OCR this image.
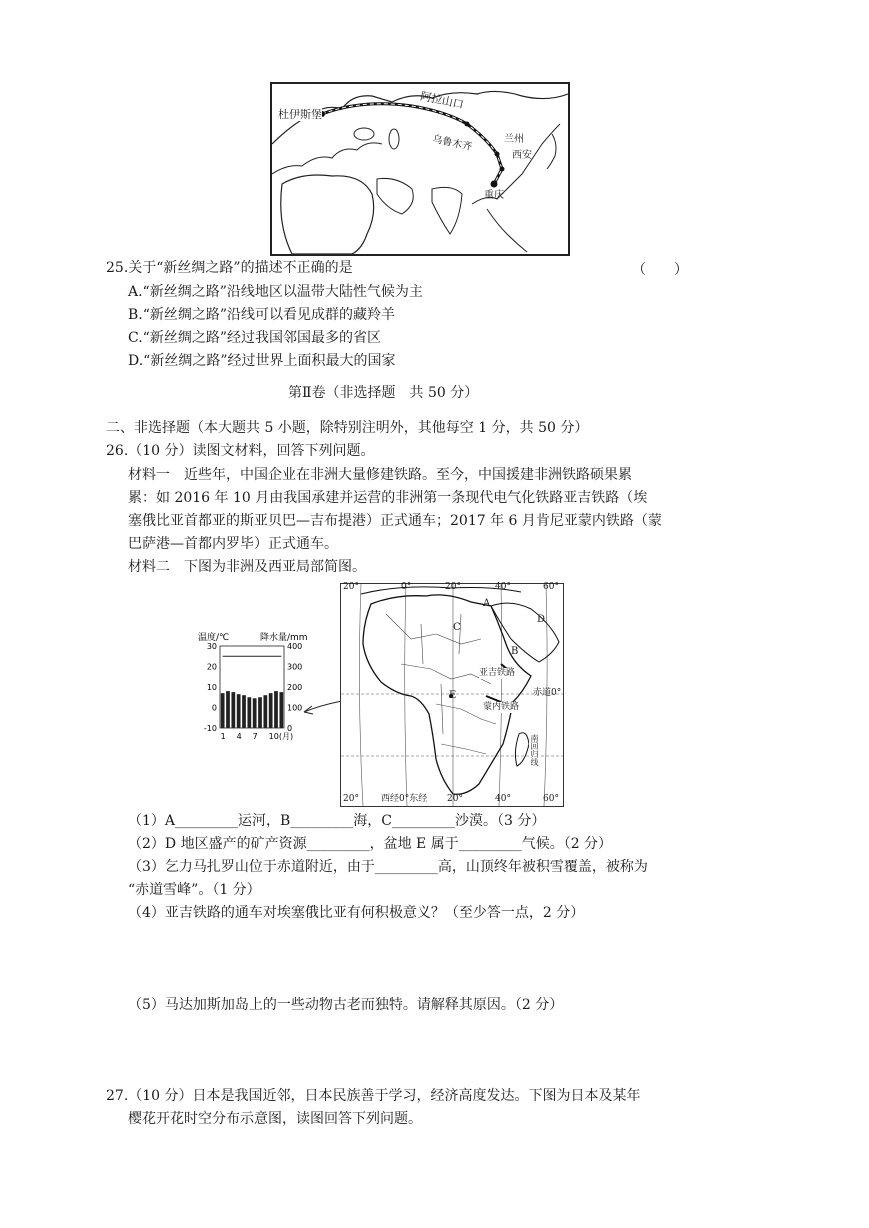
杜伊斯堡
阿拉山口
乌鲁木齐	兰州
西安
重庆
25.关于“新丝绸之路”的描述不正确的是	（　　）
A.“新丝绸之路”沿线地区以温带大陆性气候为主
B.“新丝绸之路”沿线可以看见成群的藏羚羊
C.“新丝绸之路”经过我国邻国最多的省区
D.“新丝绸之路”经过世界上面积最大的国家
第Ⅱ卷（非选择题　共 50 分）
二、非选择题（本大题共 5 小题，除特别注明外，其他每空 1 分，共 50 分）
26.（10 分）读图文材料，回答下列问题。
材料一　近些年，中国企业在非洲大量修建铁路。至今，中国援建非洲铁路硕果累
累：如 2016 年 10 月由我国承建并运营的非洲第一条现代电气化铁路亚吉铁路（埃
塞俄比亚首都亚的斯亚贝巴—吉布提港）正式通车；2017 年 6 月肯尼亚蒙内铁路（蒙
巴萨港—首都内罗毕）正式通车。
材料二　下图为非洲及西亚局部简图。
温度/℃	降水量/mm
30
20
10
0
-10
400
300
200
100
0
1 4 7 10(月)
20°	0°	20°	40°	60°
20° 西经0°东经 20°	40°	60°
A
B
C
D
E	赤道 0°
亚吉铁路
蒙内铁路
南回归线
（1）A_________运河，B_________海，C_________沙漠。（3 分）
（2）D 地区盛产的矿产资源_________，盆地 E 属于_________气候。（2 分）
（3）乞力马扎罗山位于赤道附近，由于_________高，山顶终年被积雪覆盖，被称为
“赤道雪峰”。（1 分）
（4）亚吉铁路的通车对埃塞俄比亚有何积极意义？（至少答一点，2 分）
（5）马达加斯加岛上的一些动物古老而独特。请解释其原因。（2 分）
27.（10 分）日本是我国近邻，日本民族善于学习，经济高度发达。下图为日本及某年
樱花开花时空分布示意图，读图回答下列问题。
